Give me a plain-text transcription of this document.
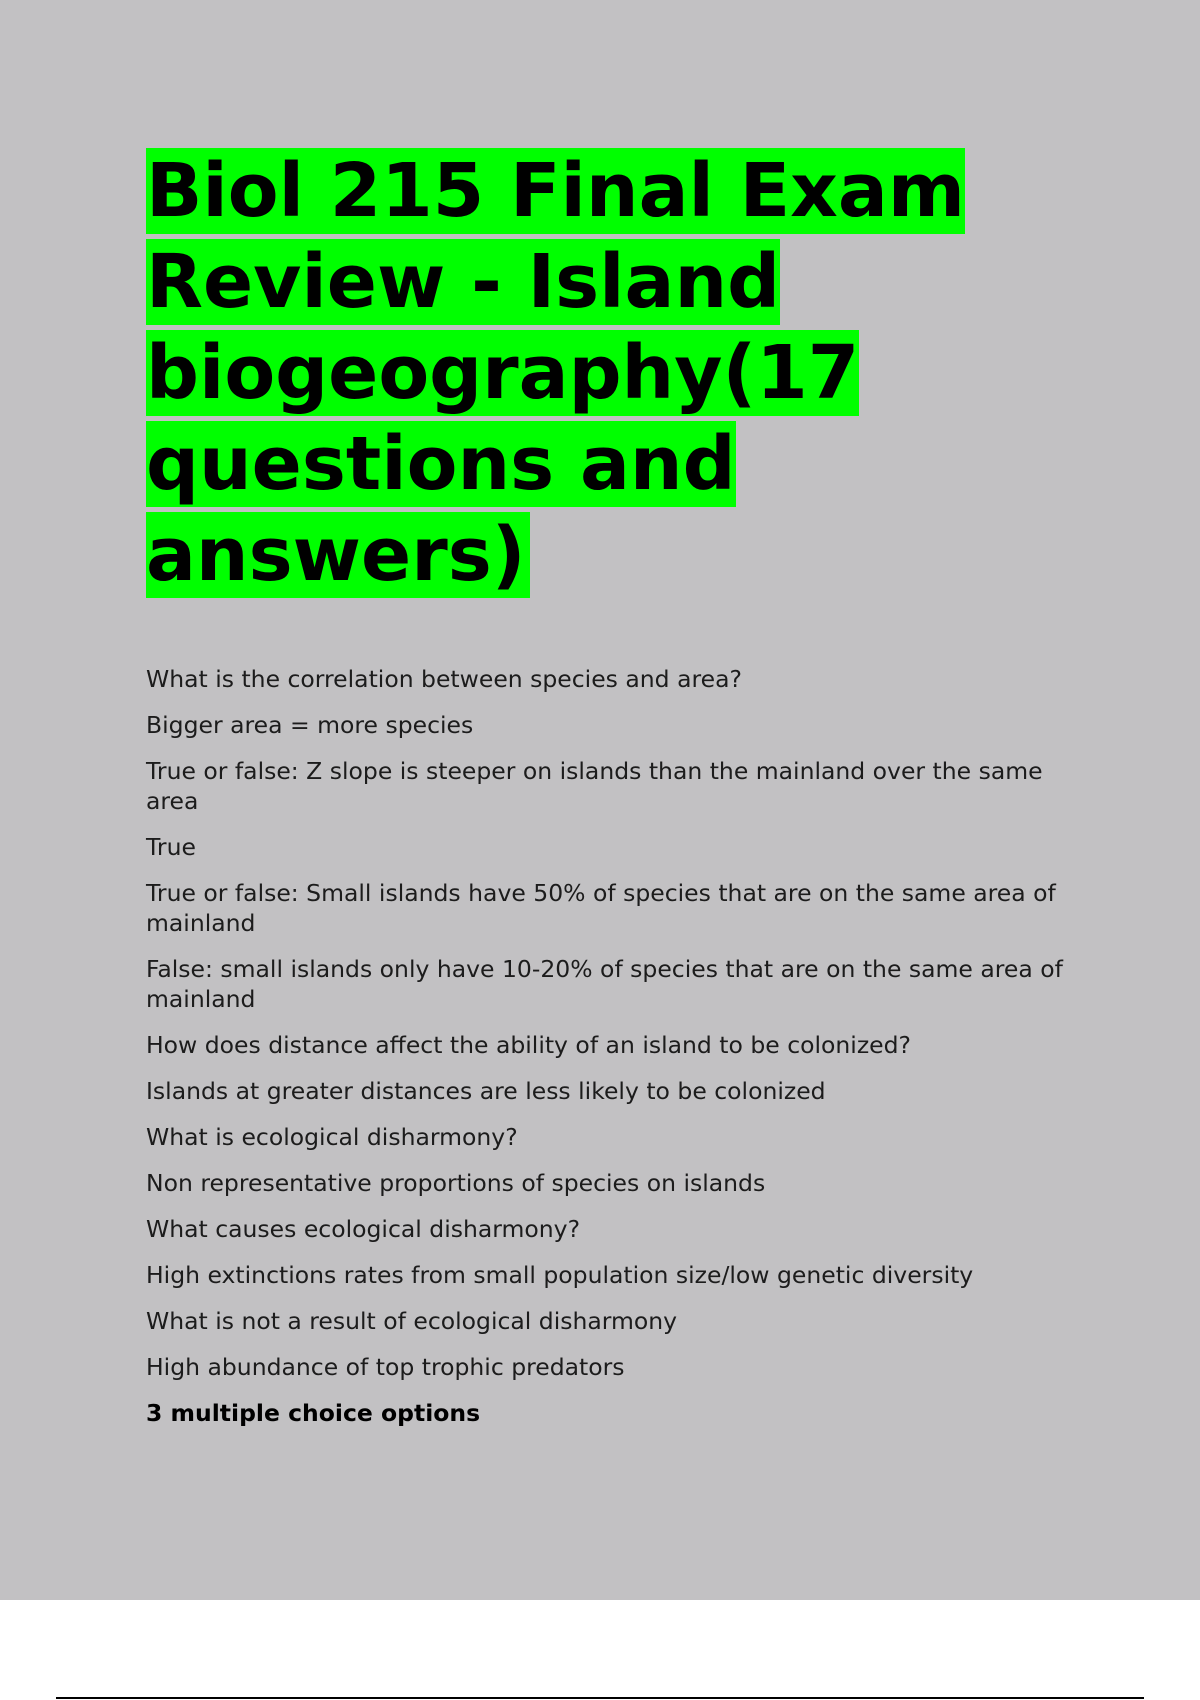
Biol 215 Final Exam Review - Island biogeography(17 questions and answers)
What is the correlation between species and area?
Bigger area = more species
True or false: Z slope is steeper on islands than the mainland over the same area
True
True or false: Small islands have 50% of species that are on the same area of mainland
False: small islands only have 10-20% of species that are on the same area of mainland
How does distance affect the ability of an island to be colonized?
Islands at greater distances are less likely to be colonized
What is ecological disharmony?
Non representative proportions of species on islands
What causes ecological disharmony?
High extinctions rates from small population size/low genetic diversity
What is not a result of ecological disharmony
High abundance of top trophic predators
3 multiple choice options
